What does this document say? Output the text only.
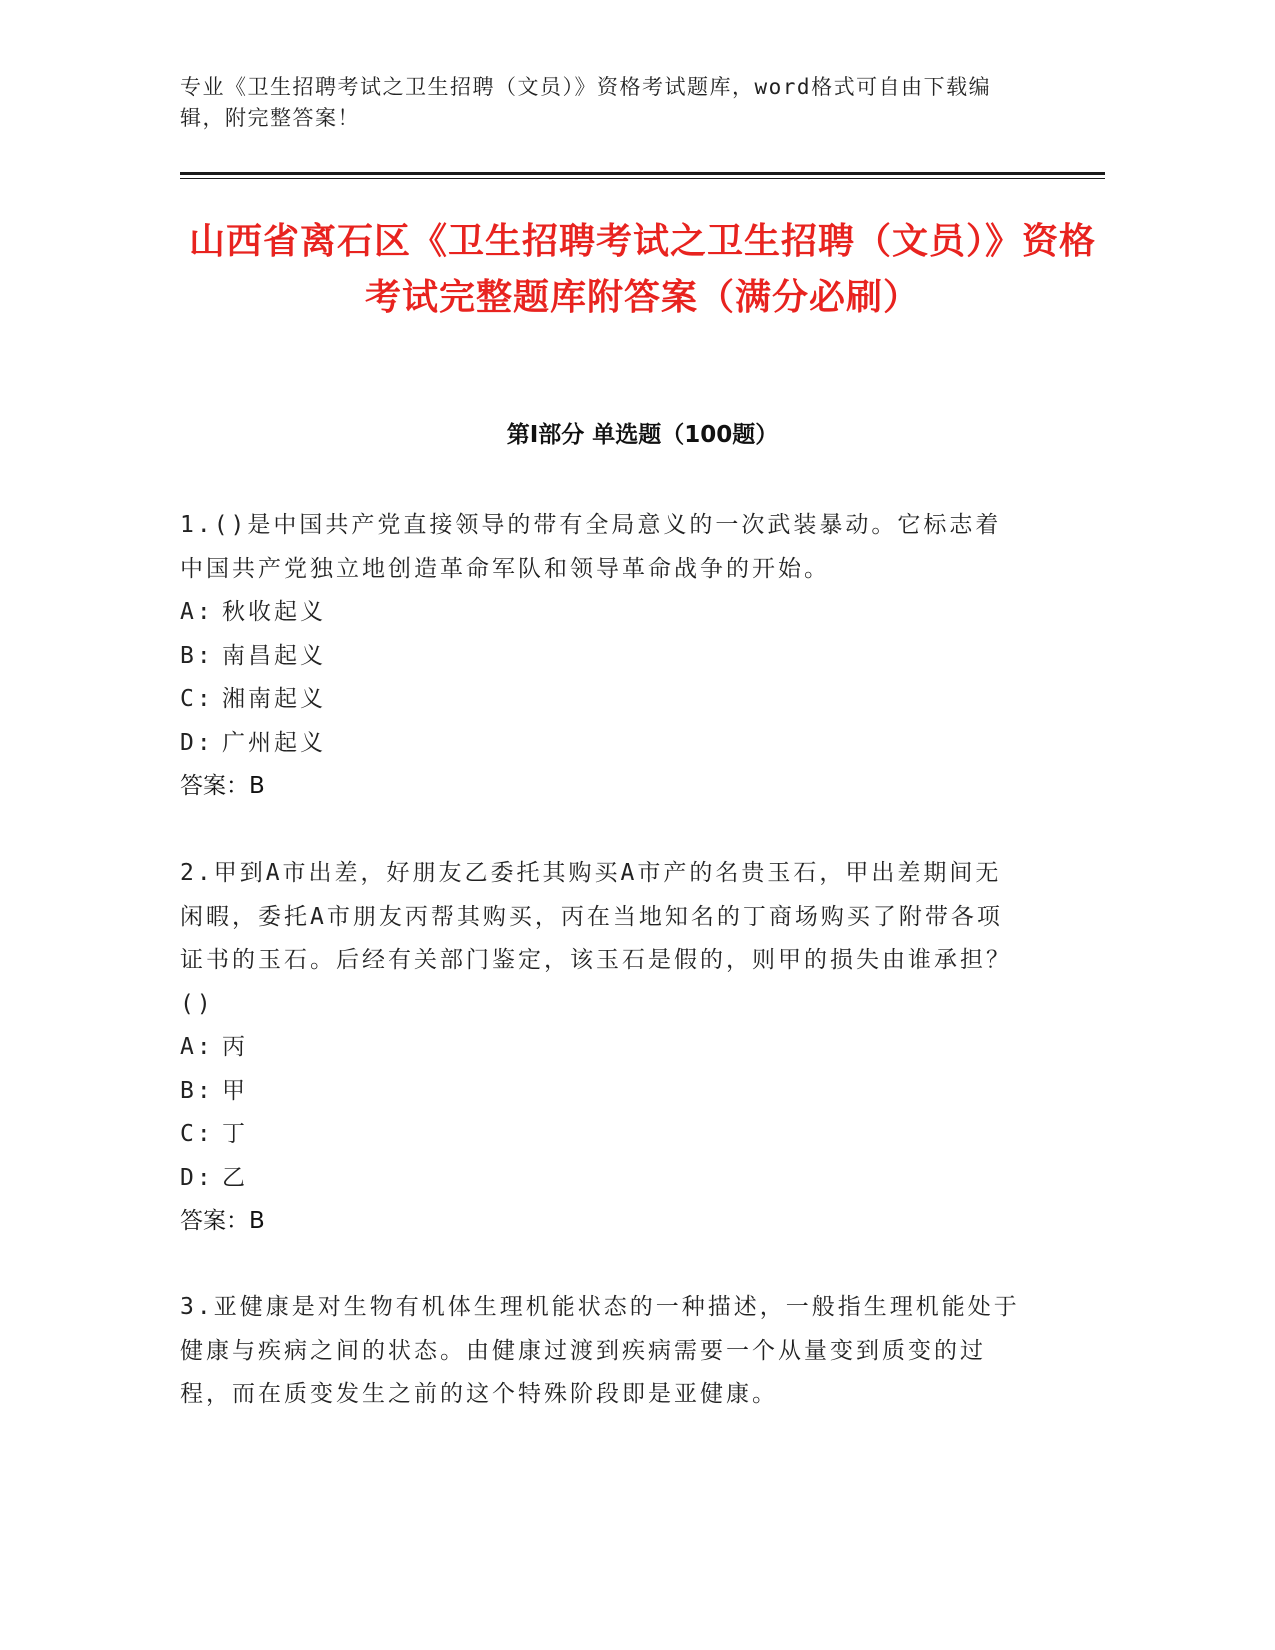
专业《卫生招聘考试之卫生招聘（文员）》资格考试题库，word格式可自由下载编辑，附完整答案！
山西省离石区《卫生招聘考试之卫生招聘（文员）》资格考试完整题库附答案（满分必刷）
第Ⅰ部分 单选题（100题）
1.()是中国共产党直接领导的带有全局意义的一次武装暴动。它标志着中国共产党独立地创造革命军队和领导革命战争的开始。
A: 秋收起义
B: 南昌起义
C: 湘南起义
D: 广州起义
答案：B
2.甲到A市出差，好朋友乙委托其购买A市产的名贵玉石，甲出差期间无闲暇，委托A市朋友丙帮其购买，丙在当地知名的丁商场购买了附带各项证书的玉石。后经有关部门鉴定，该玉石是假的，则甲的损失由谁承担？()
A: 丙
B: 甲
C: 丁
D: 乙
答案：B
3.亚健康是对生物有机体生理机能状态的一种描述，一般指生理机能处于健康与疾病之间的状态。由健康过渡到疾病需要一个从量变到质变的过程，而在质变发生之前的这个特殊阶段即是亚健康。
